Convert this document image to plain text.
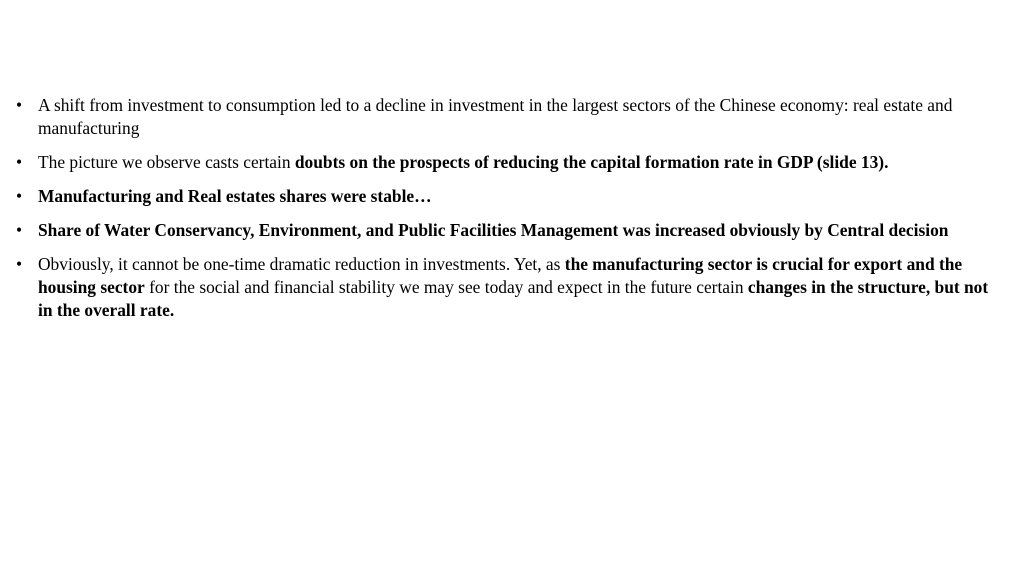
• A shift from investment to consumption led to a decline in investment in the largest sectors of the Chinese economy: real estate and manufacturing
• The picture we observe casts certain doubts on the prospects of reducing the capital formation rate in GDP (slide 13).
• Manufacturing and Real estates shares were stable…
• Share of Water Conservancy, Environment, and Public Facilities Management was increased obviously by Central decision
• Obviously, it cannot be one-time dramatic reduction in investments. Yet, as the manufacturing sector is crucial for export and the housing sector for the social and financial stability we may see today and expect in the future certain changes in the structure, but not in the overall rate.
